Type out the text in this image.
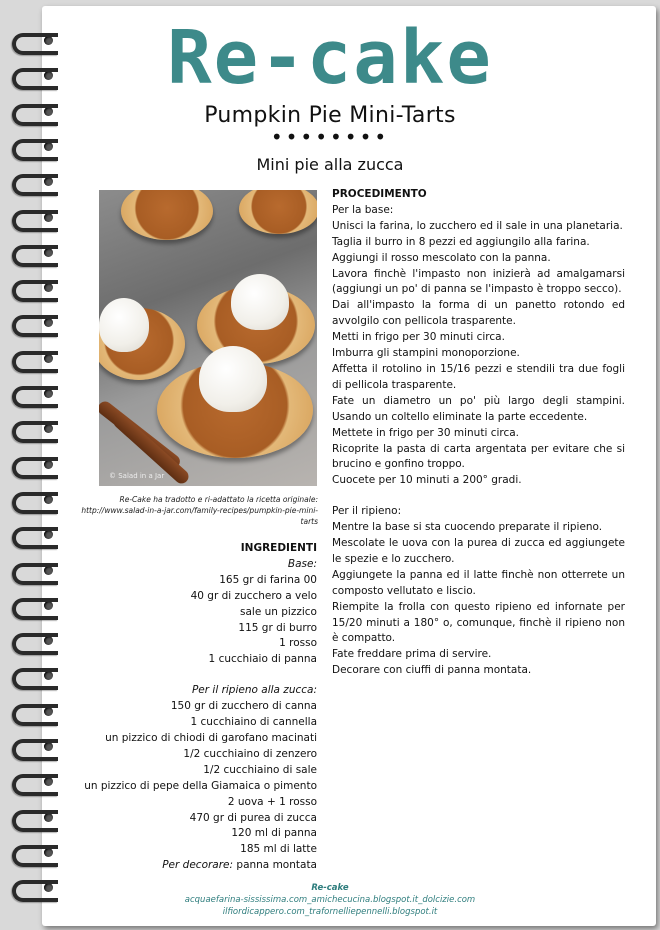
Re-cake
Pumpkin Pie Mini-Tarts
••••••••
Mini pie alla zucca
© Salad in a Jar
Re-Cake ha tradotto e ri-adattato la ricetta originale:
http://www.salad-in-a-jar.com/family-recipes/pumpkin-pie-mini-tarts
INGREDIENTI
Base:
165 gr di farina 00
40 gr di zucchero a velo
sale un pizzico
115 gr di burro
1 rosso
1 cucchiaio di panna
Per il ripieno alla zucca:
150 gr di zucchero di canna
1 cucchiaino di cannella
un pizzico di chiodi di garofano macinati
1/2 cucchiaino di zenzero
1/2 cucchiaino di sale
un pizzico di pepe della Giamaica o pimento
2 uova + 1 rosso
470 gr di purea di zucca
120 ml di panna
185 ml di latte
Per decorare: panna montata
PROCEDIMENTO
Per la base:
Unisci la farina, lo zucchero ed il sale in una planetaria.
Taglia il burro in 8 pezzi ed aggiungilo alla farina.
Aggiungi il rosso mescolato con la panna.
Lavora finchè l'impasto non inizierà ad amalgamarsi (aggiungi un po' di panna se l'impasto è troppo secco).
Dai all'impasto la forma di un panetto rotondo ed avvolgilo con pellicola trasparente.
Metti in frigo per 30 minuti circa.
Imburra gli stampini monoporzione.
Affetta il rotolino in 15/16 pezzi e stendili tra due fogli di pellicola trasparente.
Fate un diametro un po' più largo degli stampini. Usando un coltello eliminate la parte eccedente.
Mettete in frigo per 30 minuti circa.
Ricoprite la pasta di carta argentata per evitare che si brucino e gonfino troppo.
Cuocete per 10 minuti a 200° gradi.
Per il ripieno:
Mentre la base si sta cuocendo preparate il ripieno.
Mescolate le uova con la purea di zucca ed aggiungete le spezie e lo zucchero.
Aggiungete la panna ed il latte finchè non otterrete un composto vellutato e liscio.
Riempite la frolla con questo ripieno ed infornate per 15/20 minuti a 180° o, comunque, finchè il ripieno non è compatto.
Fate freddare prima di servire.
Decorare con ciuffi di panna montata.
Re-cake
acquaefarina-sississima.com_amichecucina.blogspot.it_dolcizie.com
ilfiordicappero.com_trafornelliepennelli.blogspot.it
